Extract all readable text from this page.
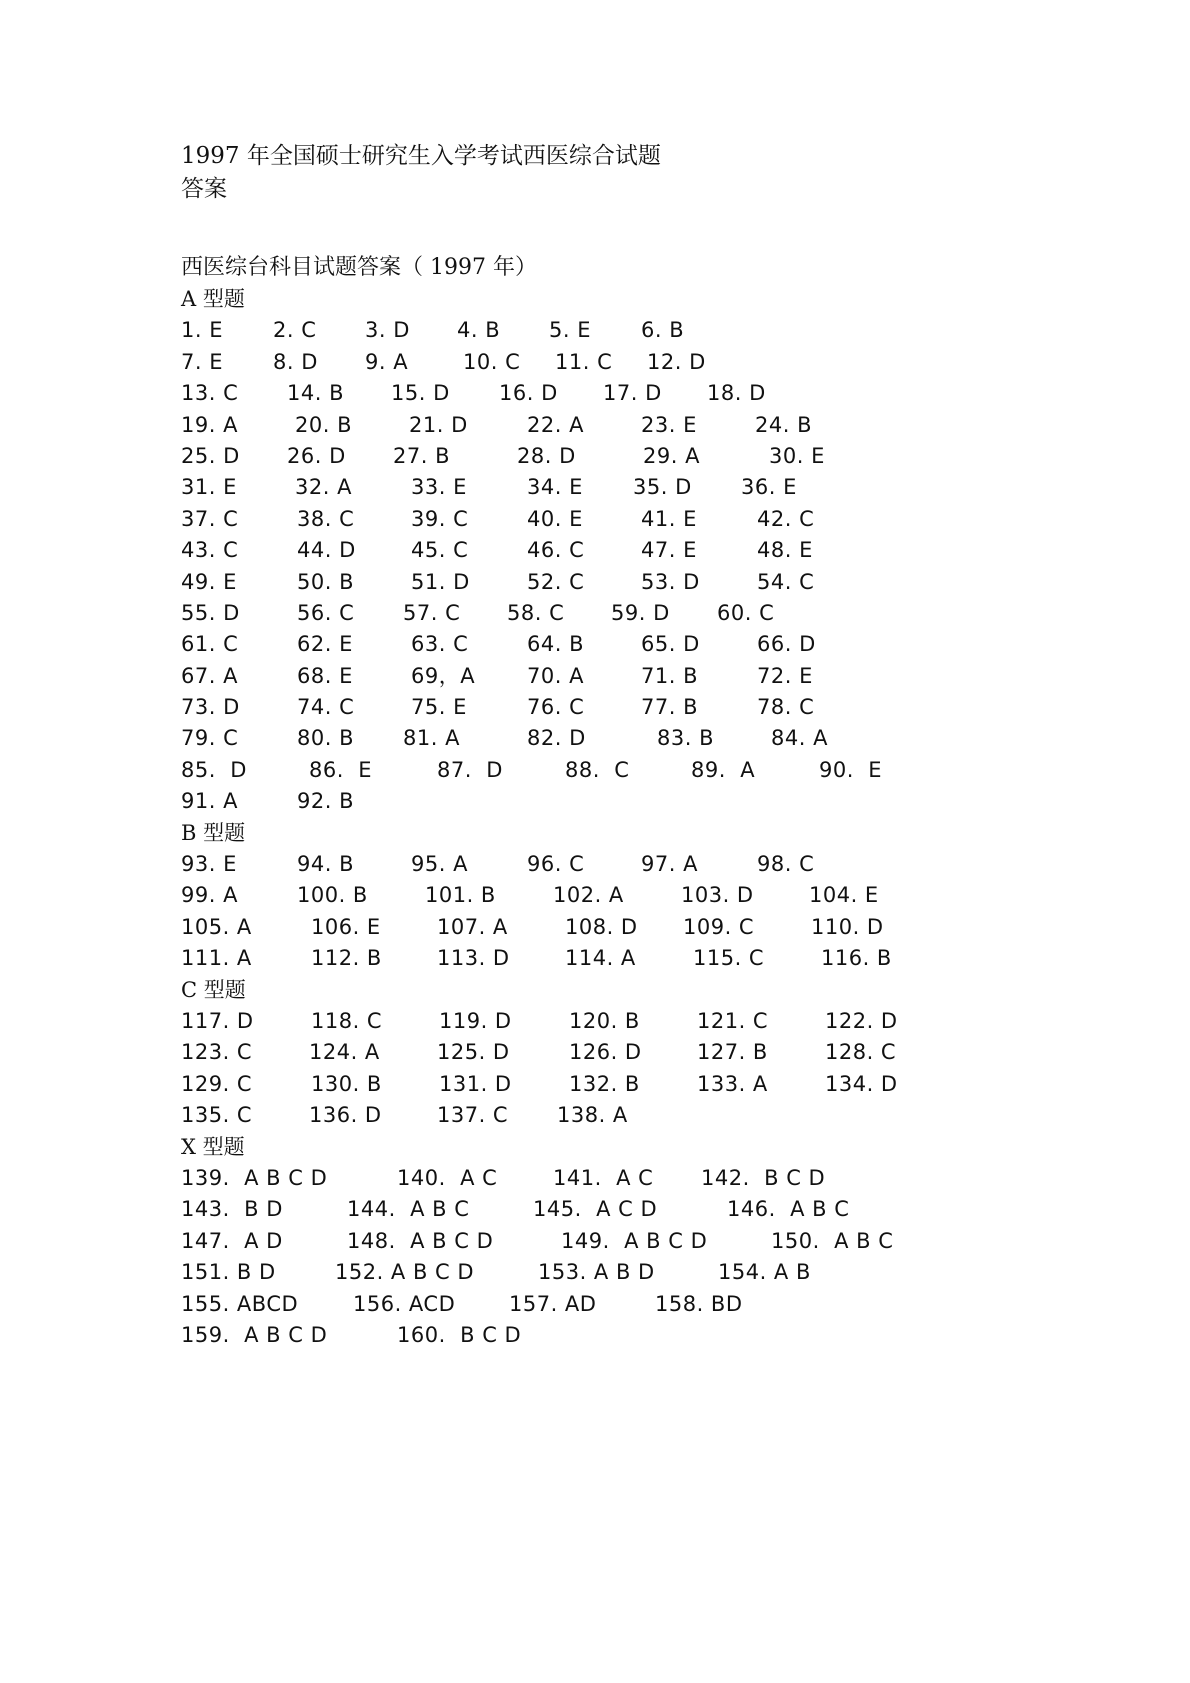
1997 年全国硕士研究生入学考试西医综合试题
答案
西医综台科目试题答案（ 1997 年）
A 型题
1. E 2. C 3. D 4. B 5. E 6. B
7. E 8. D 9. A	10. C 11. C 12. D
13. C 14. B 15. D 16. D 17. D 18. D
19. A	20. B	21. D	22. A	23. E	24. B
25. D 26. D 27. B	28. D	29. A	30. E
31. E	32. A	33. E	34. E 35. D 36. E
37. C	38. C	39. C	40. E	41. E	42. C
43. C	44. D	45. C	46. C	47. E	48. E
49. E	50. B	51. D	52. C	53. D	54. C
55. D	56. C 57. C 58. C 59. D 60. C
61. C	62. E	63. C	64. B	65. D	66. D
67. A	68. E	69，A 70. A	71. B	72. E
73. D	74. C	75. E	76. C	77. B	78. C
79. C	80. B 81. A	82. D	83. B	84. A
85.  D	86.  E	87.  D	88.  C	89.  A	90.  E
91. A	92. B
B 型题
93. E	94. B	95. A	96. C	97. A	98. C
99. A	100. B	101. B	102. A	103. D	104. E
105. A	106. E	107. A	108. D 109. C	110. D
111. A	112. B	113. D	114. A	115. C	116. B
C 型题
117. D	118. C	119. D	120. B	121. C	122. D
123. C	124. A	125. D	126. D	127. B	128. C
129. C	130. B	131. D	132. B	133. A	134. D
135. C	136. D	137. C 138. A
X 型题
139.  A B C D	140.  A C	141.  A C 142.  B C D
143.  B D	144.  A B C	145.  A C D	146.  A B C
147.  A D	148.  A B C D	149.  A B C D	150.  A B C
151. B D	152. A B C D	153. A B D	154. A B
155. ABCD	156. ACD	157. AD	158. BD
159.  A B C D	160.  B C D
